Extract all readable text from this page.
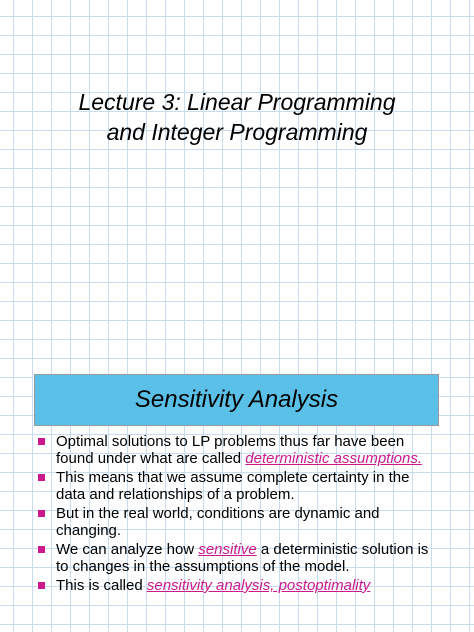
Lecture 3: Linear Programming
and Integer Programming
Sensitivity Analysis
Optimal solutions to LP problems thus far have been found under what are called deterministic assumptions.
This means that we assume complete certainty in the data and relationships of a problem.
But in the real world, conditions are dynamic and changing.
We can analyze how sensitive a deterministic solution is to changes in the assumptions of the model.
This is called sensitivity analysis, postoptimality
